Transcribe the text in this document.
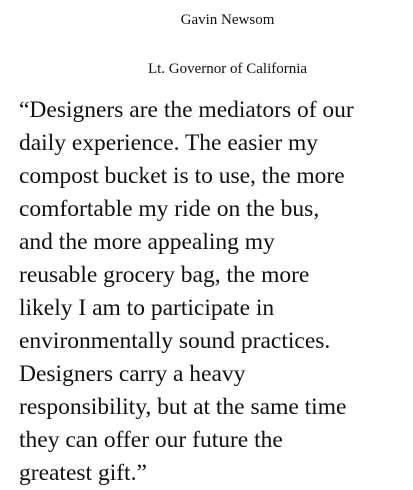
Gavin Newsom
Lt. Governor of California
“Designers are the mediators of our
daily experience. The easier my
compost bucket is to use, the more
comfortable my ride on the bus,
and the more appealing my
reusable grocery bag, the more
likely I am to participate in
environmentally sound practices.
Designers carry a heavy
responsibility, but at the same time
they can offer our future the
greatest gift.”
